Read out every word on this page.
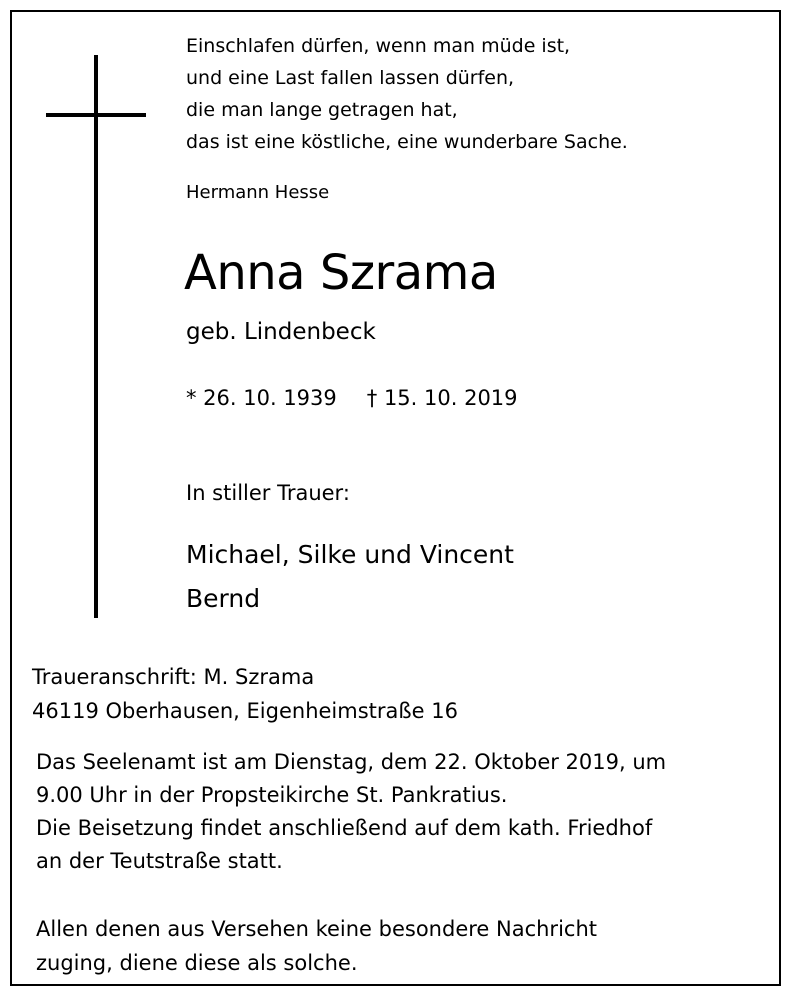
Einschlafen dürfen, wenn man müde ist,
und eine Last fallen lassen dürfen,
die man lange getragen hat,
das ist eine köstliche, eine wunderbare Sache.
Hermann Hesse
Anna Szrama
geb. Lindenbeck
* 26. 10. 1939 † 15. 10. 2019
In stiller Trauer:
Michael, Silke und Vincent
Bernd
Traueranschrift: M. Szrama
46119 Oberhausen, Eigenheimstraße 16
Das Seelenamt ist am Dienstag, dem 22. Oktober 2019, um
9.00 Uhr in der Propsteikirche St. Pankratius.
Die Beisetzung findet anschließend auf dem kath. Friedhof
an der Teutstraße statt.
Allen denen aus Versehen keine besondere Nachricht
zuging, diene diese als solche.
